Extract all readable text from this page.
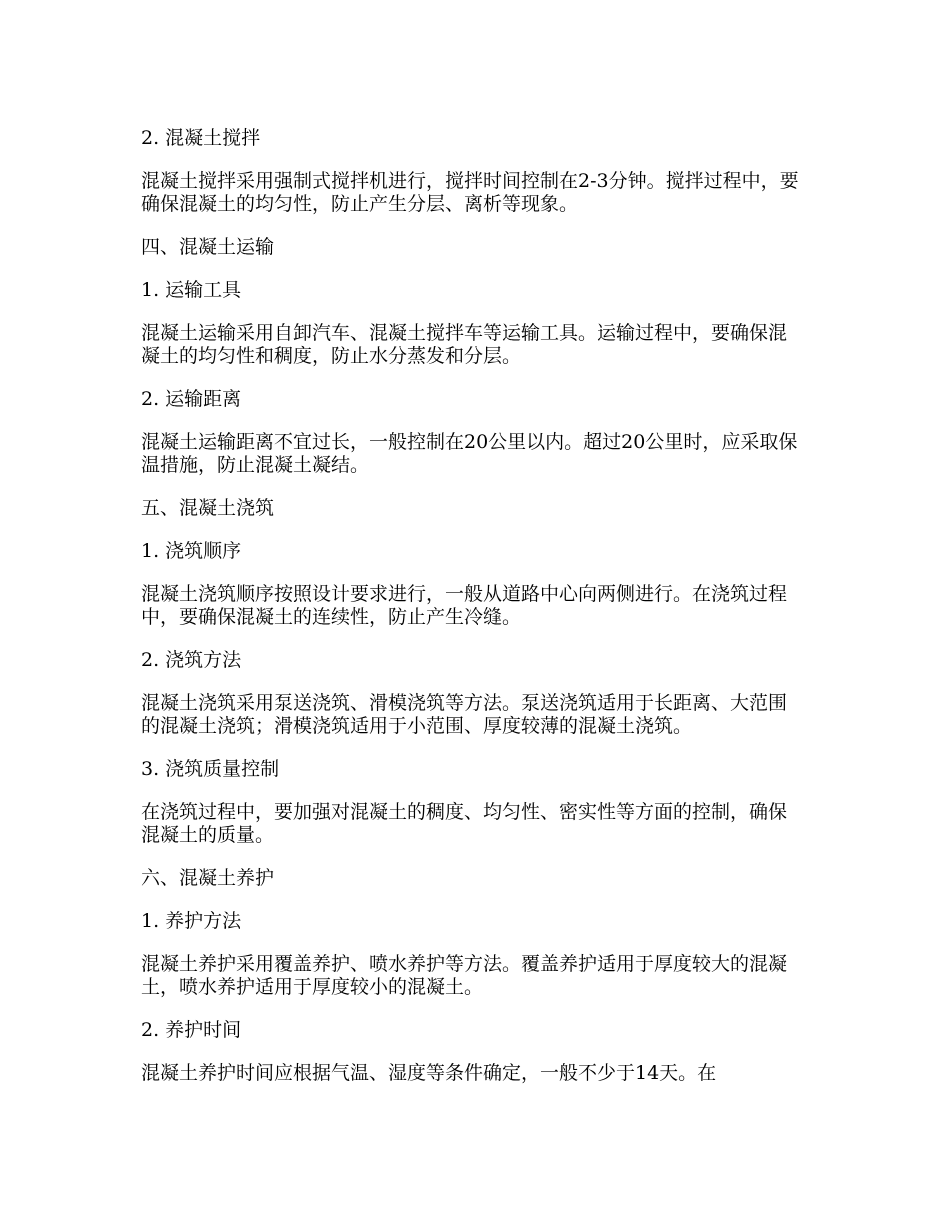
2. 混凝土搅拌

混凝土搅拌采用强制式搅拌机进行，搅拌时间控制在2-3分钟。搅拌过程中，要确保混凝土的均匀性，防止产生分层、离析等现象。

四、混凝土运输

1. 运输工具

混凝土运输采用自卸汽车、混凝土搅拌车等运输工具。运输过程中，要确保混凝土的均匀性和稠度，防止水分蒸发和分层。

2. 运输距离

混凝土运输距离不宜过长，一般控制在20公里以内。超过20公里时，应采取保温措施，防止混凝土凝结。

五、混凝土浇筑

1. 浇筑顺序

混凝土浇筑顺序按照设计要求进行，一般从道路中心向两侧进行。在浇筑过程中，要确保混凝土的连续性，防止产生冷缝。

2. 浇筑方法

混凝土浇筑采用泵送浇筑、滑模浇筑等方法。泵送浇筑适用于长距离、大范围的混凝土浇筑；滑模浇筑适用于小范围、厚度较薄的混凝土浇筑。

3. 浇筑质量控制

在浇筑过程中，要加强对混凝土的稠度、均匀性、密实性等方面的控制，确保混凝土的质量。

六、混凝土养护

1. 养护方法

混凝土养护采用覆盖养护、喷水养护等方法。覆盖养护适用于厚度较大的混凝土，喷水养护适用于厚度较小的混凝土。

2. 养护时间

混凝土养护时间应根据气温、湿度等条件确定，一般不少于14天。在
